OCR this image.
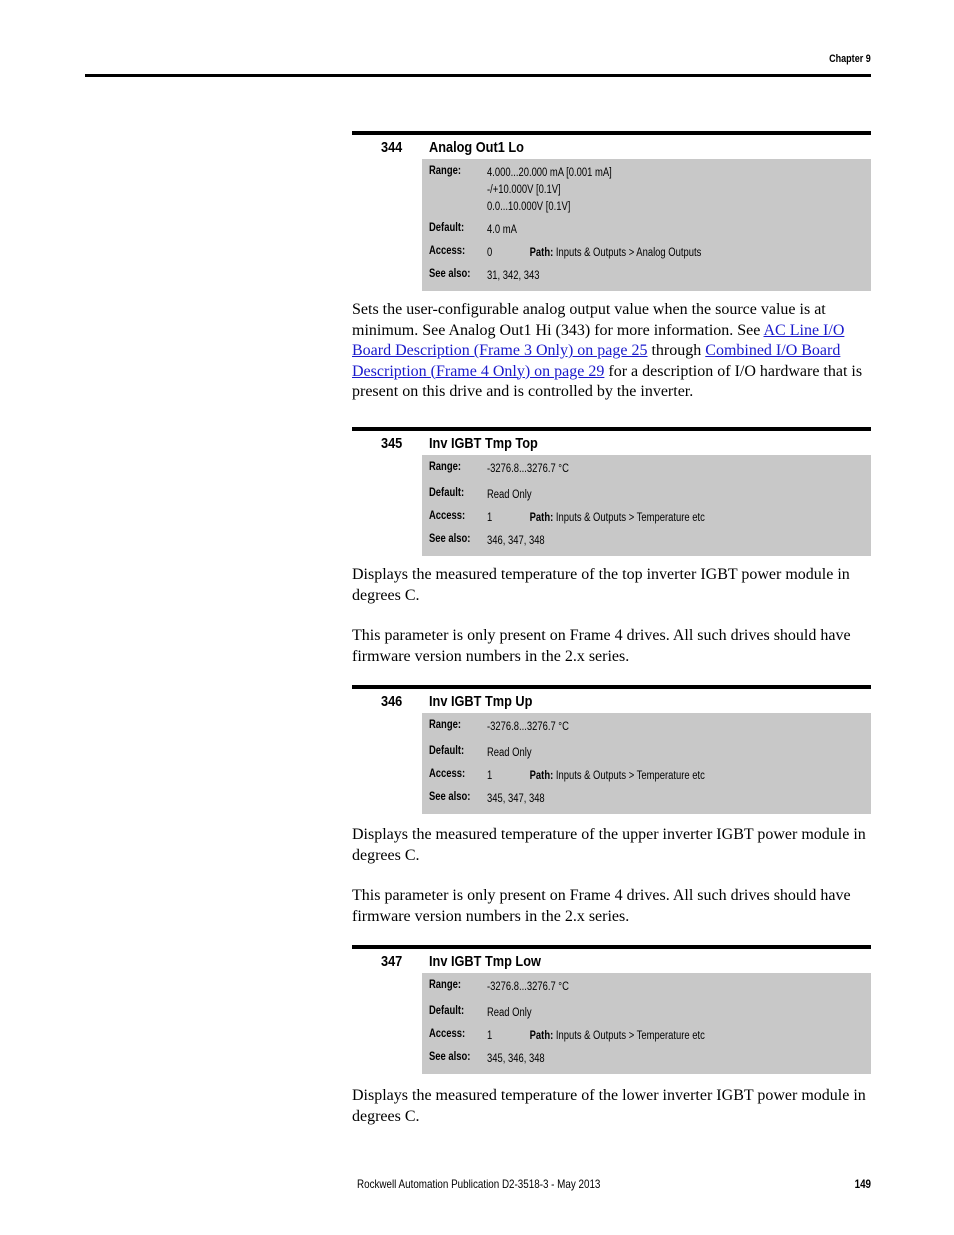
Chapter 9
344 Analog Out1 Lo
Range:	4.000...20.000 mA [0.001 mA]
-/+10.000V [0.1V]
0.0...10.000V [0.1V]
Default:	4.0 mA
Access:	0	Path: Inputs & Outputs > Analog Outputs
See also:	31, 342, 343
Sets the user-configurable analog output value when the source value is at minimum. See Analog Out1 Hi (343) for more information. See AC Line I/O Board Description (Frame 3 Only) on page 25 through Combined I/O Board Description (Frame 4 Only) on page 29 for a description of I/O hardware that is present on this drive and is controlled by the inverter.
345 Inv IGBT Tmp Top
Range:	-3276.8...3276.7 °C
Default:	Read Only
Access:	1	Path: Inputs & Outputs > Temperature etc
See also:	346, 347, 348
Displays the measured temperature of the top inverter IGBT power module in degrees C.
This parameter is only present on Frame 4 drives. All such drives should have firmware version numbers in the 2.x series.
346 Inv IGBT Tmp Up
Range:	-3276.8...3276.7 °C
Default:	Read Only
Access:	1	Path: Inputs & Outputs > Temperature etc
See also:	345, 347, 348
Displays the measured temperature of the upper inverter IGBT power module in degrees C.
This parameter is only present on Frame 4 drives. All such drives should have firmware version numbers in the 2.x series.
347 Inv IGBT Tmp Low
Range:	-3276.8...3276.7 °C
Default:	Read Only
Access:	1	Path: Inputs & Outputs > Temperature etc
See also:	345, 346, 348
Displays the measured temperature of the lower inverter IGBT power module in degrees C.
Rockwell Automation Publication D2-3518-3 - May 2013	149
